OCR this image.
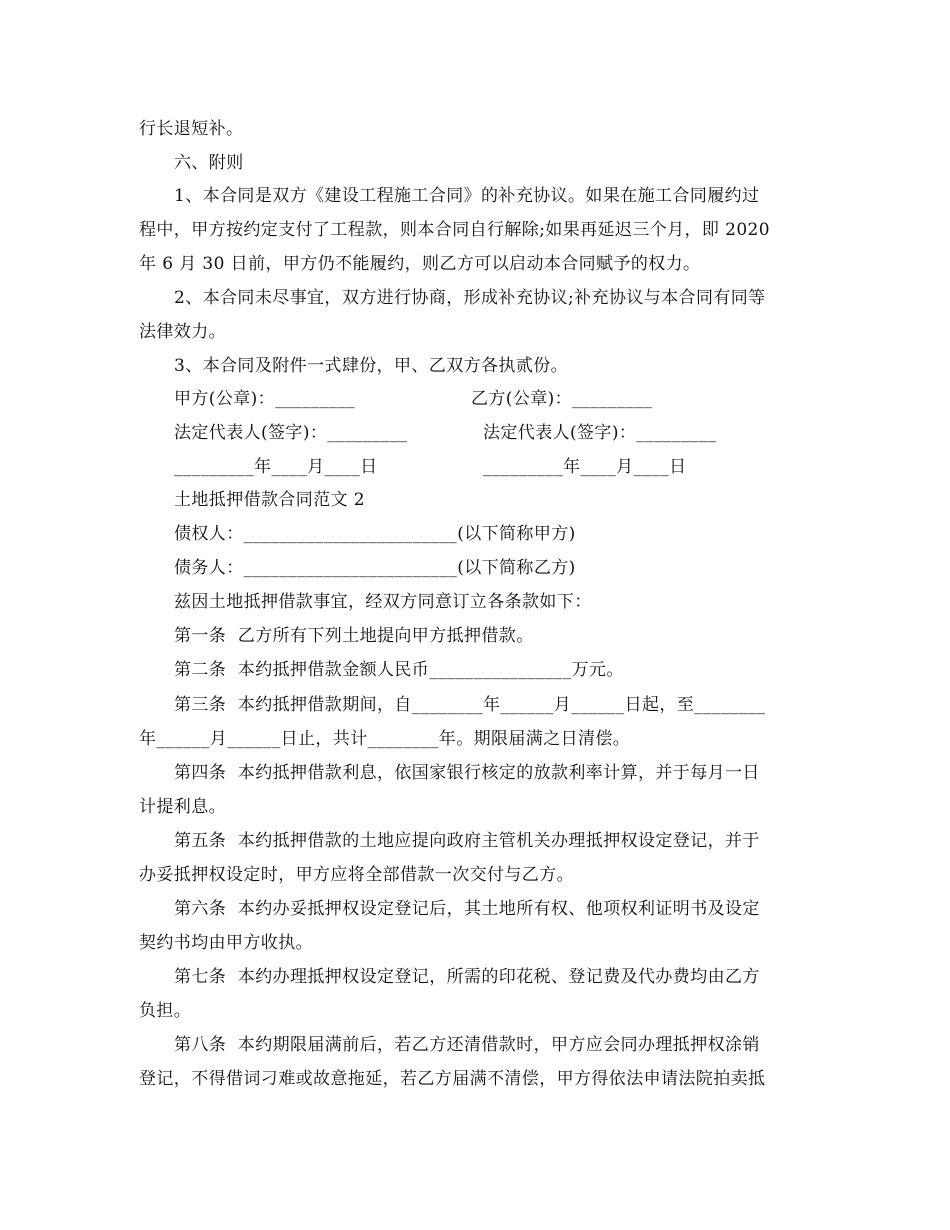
行长退短补。
六、附则
1、本合同是双方《建设工程施工合同》的补充协议。如果在施工合同履约过
程中，甲方按约定支付了工程款，则本合同自行解除;如果再延迟三个月，即 2020
年 6 月 30 日前，甲方仍不能履约，则乙方可以启动本合同赋予的权力。
2、本合同未尽事宜，双方进行协商，形成补充协议;补充协议与本合同有同等
法律效力。
3、本合同及附件一式肆份，甲、乙双方各执贰份。
甲方(公章)：_________	乙方(公章)：_________
法定代表人(签字)：_________	法定代表人(签字)：_________
_________年____月____日	_________年____月____日
土地抵押借款合同范文 2
债权人：________________________(以下简称甲方)
债务人：________________________(以下简称乙方)
兹因土地抵押借款事宜，经双方同意订立各条款如下：
第一条  乙方所有下列土地提向甲方抵押借款。
第二条  本约抵押借款金额人民币________________万元。
第三条  本约抵押借款期间，自________年______月______日起，至________
年______月______日止，共计________年。期限届满之日清偿。
第四条  本约抵押借款利息，依国家银行核定的放款利率计算，并于每月一日
计提利息。
第五条  本约抵押借款的土地应提向政府主管机关办理抵押权设定登记，并于
办妥抵押权设定时，甲方应将全部借款一次交付与乙方。
第六条  本约办妥抵押权设定登记后，其土地所有权、他项权利证明书及设定
契约书均由甲方收执。
第七条  本约办理抵押权设定登记，所需的印花税、登记费及代办费均由乙方
负担。
第八条  本约期限届满前后，若乙方还清借款时，甲方应会同办理抵押权涂销
登记，不得借词刁难或故意拖延，若乙方届满不清偿，甲方得依法申请法院拍卖抵
